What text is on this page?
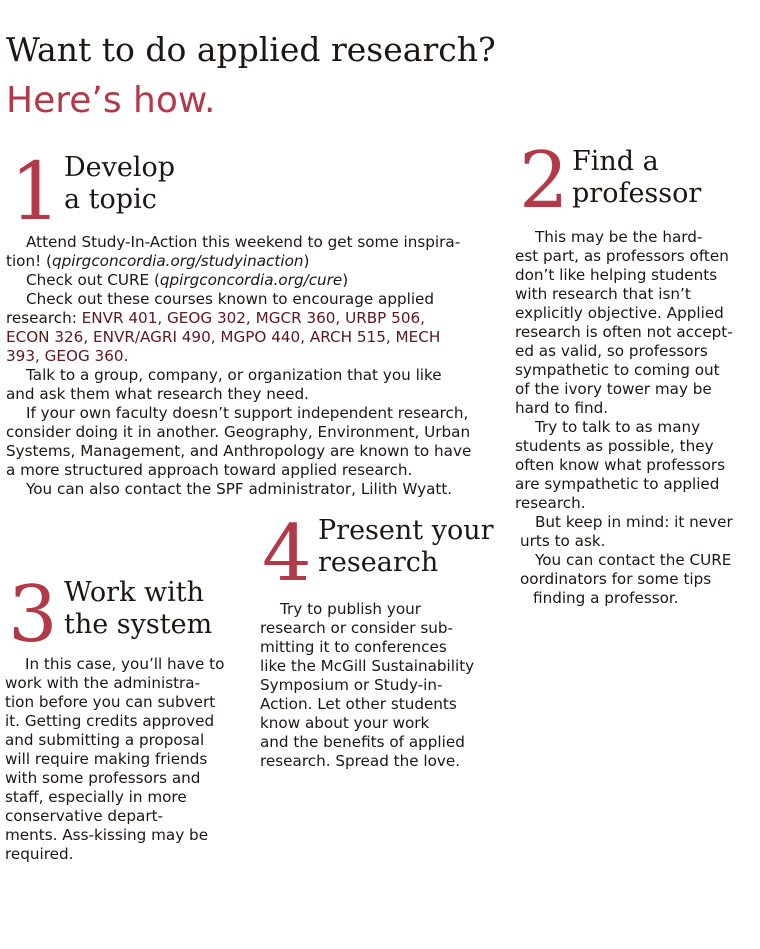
Want to do applied research?
Here’s how.
1 Develop
a topic

Attend Study-In-Action this weekend to get some inspira-

tion! (qpirgconcordia.org/studyinaction)

Check out CURE (qpirgconcordia.org/cure)

Check out these courses known to encourage applied

research: ENVR 401, GEOG 302, MGCR 360, URBP 506,

ECON 326, ENVR/AGRI 490, MGPO 440, ARCH 515, MECH

393, GEOG 360.

Talk to a group, company, or organization that you like

and ask them what research they need.

If your own faculty doesn’t support independent research,

consider doing it in another. Geography, Environment, Urban

Systems, Management, and Anthropology are known to have

a more structured approach toward applied research.

You can also contact the SPF administrator, Lilith Wyatt.

2 Find a
professor

This may be the hard-

est part, as professors often

don’t like helping students

with research that isn’t

explicitly objective. Applied

research is often not accept-

ed as valid, so professors

sympathetic to coming out

of the ivory tower may be

hard to find.

Try to talk to as many

students as possible, they

often know what professors

are sympathetic to applied

research.

But keep in mind: it never

urts to ask.

You can contact the CURE

oordinators for some tips

finding a professor.

4 Present your
research

Try to publish your

research or consider sub-

mitting it to conferences

like the McGill Sustainability

Symposium or Study-in-

Action. Let other students

know about your work

and the benefits of applied

research. Spread the love.

3 Work with
the system

In this case, you’ll have to

work with the administra-

tion before you can subvert

it. Getting credits approved

and submitting a proposal

will require making friends

with some professors and

staff, especially in more

conservative depart-

ments. Ass-kissing may be

required.
